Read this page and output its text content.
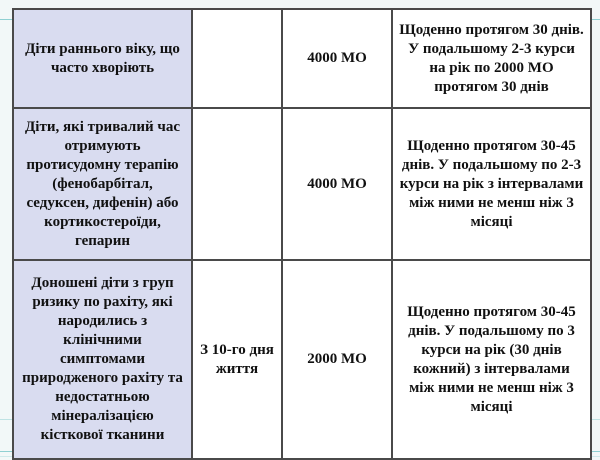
Діти раннього віку, що часто хворіють		4000 МО	Щоденно протягом 30 днів. У подальшому 2-3 курси на рік по 2000 МО протягом 30 днів
Діти, які тривалий час отримують протисудомну терапію (фенобарбітал, седуксен, дифенін) або кортикостероїди, гепарин		4000 МО	Щоденно протягом 30-45 днів. У подальшому по 2-3 курси на рік з інтервалами між ними не менш ніж 3 місяці
Доношені діти з груп ризику по рахіту, які народились з клінічними симптомами природженого рахіту та недостатньою мінералізацією кісткової тканини	З 10-го дня життя	2000 МО	Щоденно протягом 30-45 днів. У подальшому по 3 курси на рік (30 днів кожний) з інтервалами між ними не менш ніж 3 місяці
